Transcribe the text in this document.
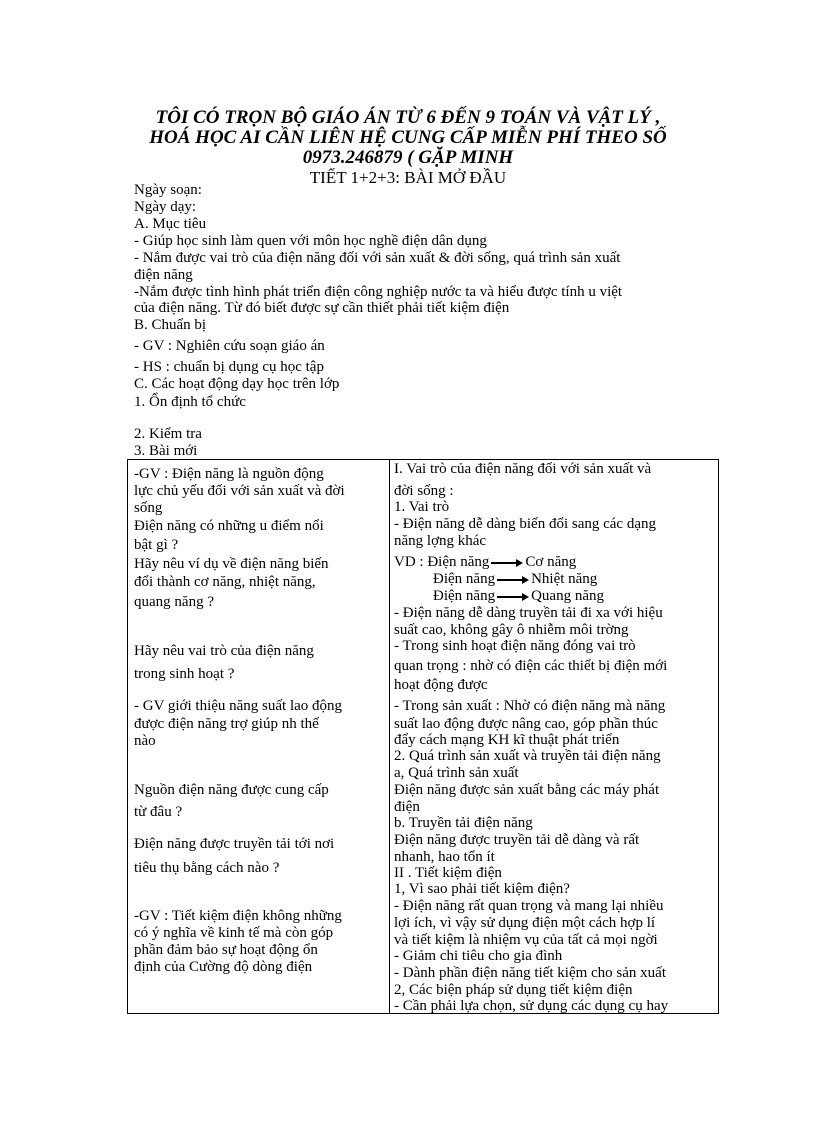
TÔI CÓ TRỌN BỘ GIÁO ÁN TỪ 6 ĐẾN 9 TOÁN VÀ VẬT LÝ ,
HOÁ HỌC AI CẦN LIÊN HỆ CUNG CẤP MIỄN PHÍ THEO SỐ
0973.246879 ( GẶP MINH
TIẾT 1+2+3: BÀI MỞ ĐẦU
Ngày soạn:
Ngày dạy:
A. Mục tiêu
- Giúp học sinh làm quen với môn học nghề điện dân dụng
- Nắm được vai trò của điện năng đối với sản xuất & đời sống, quá trình sản xuất
điện năng
-Nắm được tình hình phát triển điện công nghiệp nước ta và hiểu được tính u việt
của điện năng. Từ đó biết được sự cần thiết phải tiết kiệm điện
B. Chuẩn bị
- GV : Nghiên cứu soạn giáo án
- HS : chuẩn bị dụng cụ học tập
C. Các hoạt động dạy học trên lớp
1. Ổn định tổ chức
2. Kiểm tra
3. Bài mới
-GV : Điện năng là nguồn động
lực chủ yếu đối với sản xuất và đời
sống
Điện năng có những u điểm nổi
bật gì ?
Hãy nêu ví dụ về điện năng biến
đổi thành cơ năng, nhiệt năng,
quang năng ?
Hãy nêu vai trò của điện năng
trong sinh hoạt ?
- GV giới thiệu năng suất lao động
được điện năng trợ giúp nh thế
nào
Nguồn điện năng được cung cấp
từ đâu ?
Điện năng được truyền tải tới nơi
tiêu thụ bằng cách nào ?
-GV : Tiết kiệm điện không những
có ý nghĩa về kinh tế mà còn góp
phần đảm bảo sự hoạt động ổn
định của Cường độ dòng điện
I. Vai trò của điện năng đối với sản xuất và
đời sống :
1. Vai trò
- Điện năng dễ dàng biến đổi sang các dạng
năng lợng khác
VD : Điện năng Cơ năng
Điện năng Nhiệt năng
Điện năng Quang năng
- Điện năng dễ dàng truyền tải đi xa với hiệu
suất cao, không gây ô nhiễm môi trờng
- Trong sinh hoạt điện năng đóng vai trò
quan trọng : nhờ có điện các thiết bị điện mới
hoạt động được
- Trong sản xuất : Nhờ có điện năng mà năng
suất lao động được nâng cao, góp phần thúc
đẩy cách mạng KH kĩ thuật phát triển
2. Quá trình sản xuất và truyền tải điện năng
a, Quá trình sản xuất
Điện năng được sản xuất bằng các máy phát
điện
b. Truyền tải điện năng
Điện năng được truyền tải dễ dàng và rất
nhanh, hao tổn ít
II . Tiết kiệm điện
1, Vì sao phải tiết kiệm điện?
- Điện năng rất quan trọng và mang lại nhiều
lợi ích, vì vậy sử dụng điện một cách hợp lí
và tiết kiệm là nhiệm vụ của tất cả mọi ngời
- Giảm chi tiêu cho gia đình
- Dành phần điện năng tiết kiệm cho sản xuất
2, Các biện pháp sử dụng tiết kiệm điện
- Cần phải lựa chọn, sử dụng các dụng cụ hay
